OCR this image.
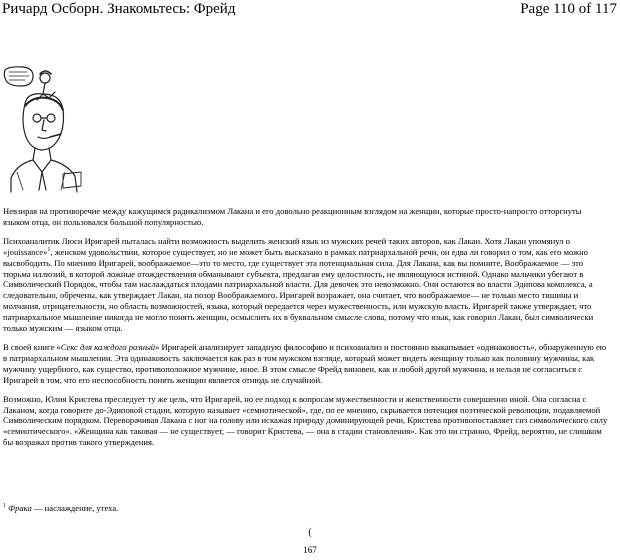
Ричард Осборн. Знакомьтесь: Фрейд	Page 110 of 117

Невзирая на противоречие между кажущимся радикализмом Лакана и его довольно реакционным взглядом на женщин, которые просто-напросто отторгнуты языком отца, он пользовался большой популярностью.

Психоаналитик Люси Иригарей пыталась найти возможность выделить женский язык из мужских речей таких авторов, как Лакан. Хотя Лакан упомянул о «jouissance»$^1$, женском удовольствии, которое существует, но не может быть высказано в рамках патриархальной речи, он едва ли говорил о том, как его можно высвободить. По мнению Иригарей, воображаемое—это то место, где существует эта потенциальная сила. Для Лакана, как вы помните, Воображаемое — это тюрьма иллюзий, в которой ложные отождествления обманывают субъекта, предлагая ему целостность, не являющуюся истиной. Однако мальчики убегают в Символический Порядок, чтобы там наслаждаться плодами патриархальной власти. Для девочек это невозможно. Они остаются во власти Эдипова комплекса, а следовательно, обречены, как утверждает Лакан, на позор Воображаемого. Иригарей возражает, она считает, что воображаемое— не только место тишины и молчания, отрицательности, но область возможностей, языка, который передается через мужественность, или мужскую власть. Иригарей также утверждает, что патриархальное мышление никогда не могло понять женщин, осмыслить их в буквальном смысле слова, потому что язык, как говорил Лакан, был символически только мужским — языком отца.

В своей книге «Секс для каждого разный» Иригарей анализирует западную философию и психоанализ и постоянно выкапывает «одинаковость», обнаруженную ею в патриархальном мышлении. Эта одинаковость заключается как раз в том мужском взгляде, который может видеть женщину только как половину мужчины, как мужчину ущербного, как существо, противоположное мужчине, иное. В этом смысле Фрейд виновен, как и любой другой мужчина, и нельзя не согласиться с Иригарей в том, что его неспособность понять женщин является отнюдь не случайной.

Возможно, Юлия Кристева преследует ту же цель, что Иригарей, но ее подход к вопросам мужественности и женственности совершенно иной. Она согласна с Лаканом, когда говорите до-Эдиповой стадии, которую называет «семиотической», где, по ее мнению, скрывается потенция поэтической революции, подавляемой Символическим порядком. Переворачивая Лакана с ног на голову или искажая природу доминирующей речи, Кристева противопоставляет сиз символического силу «семиотического». «Женщина как таковая — не существует, — говорит Кристева, — она в стадии становления». Как это ни странно, Фрейд, вероятно, не слишком бы возражал против такого утверждения.

$^1$ Фрака — наслаждение, утеха.
(
167
